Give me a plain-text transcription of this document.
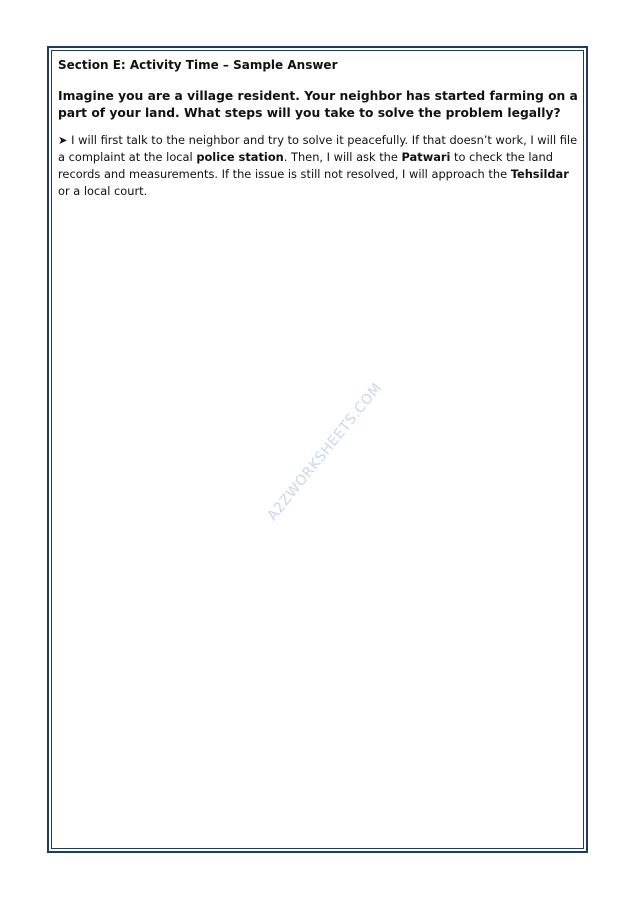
Section E: Activity Time – Sample Answer

Imagine you are a village resident. Your neighbor has started farming on a part of your land. What steps will you take to solve the problem legally?

➤ I will first talk to the neighbor and try to solve it peacefully. If that doesn’t work, I will file a complaint at the local police station. Then, I will ask the Patwari to check the land records and measurements. If the issue is still not resolved, I will approach the Tehsildar or a local court.

A2ZWORKSHEETS.COM
